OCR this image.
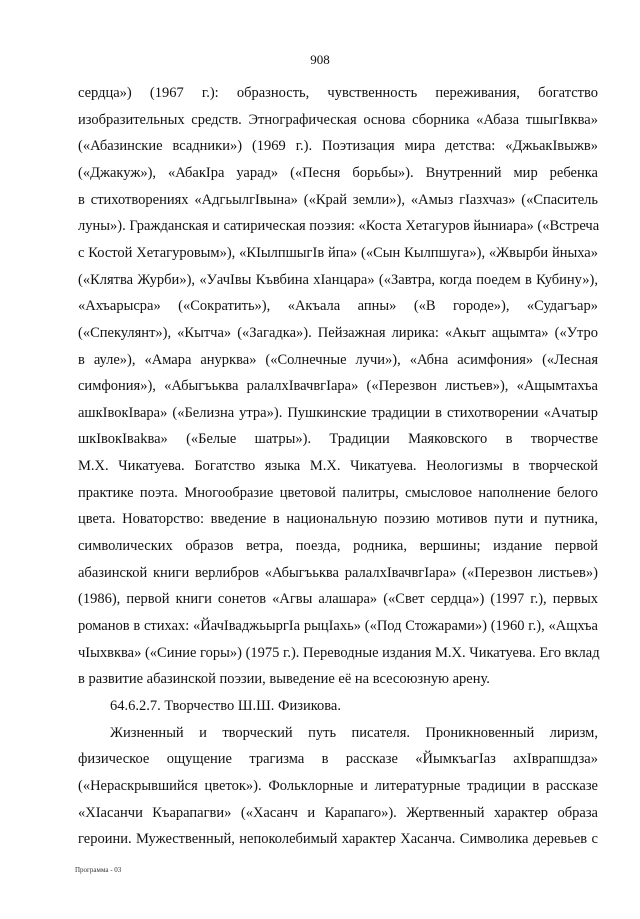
908
сердца») (1967 г.): образность, чувственность переживания, богатство
изобразительных средств. Этнографическая основа сборника «Абаза тшыгІвква»
(«Абазинские всадники») (1969 г.). Поэтизация мира детства: «ДжьакІвыжв»
(«Джакуж»), «АбакІра уарад» («Песня борьбы»). Внутренний мир ребенка
в стихотворениях «АдгьылгІвына» («Край земли»), «Амыз гІазхчаз» («Спаситель
луны»). Гражданская и сатирическая поэзия: «Коста Хетагуров йыниара» («Встреча
с Костой Хетагуровым»), «КІылпшыгІв йпа» («Сын Кылпшуга»), «Жвырби йныха»
(«Клятва Журби»), «УачІвы Къвбина хІанцара» («Завтра, когда поедем в Кубину»),
«Ахъарысра» («Сократить»), «Акъала апны» («В городе»), «Судагъар»
(«Спекулянт»), «Кытча» («Загадка»). Пейзажная лирика: «Акыт ащымта» («Утро
в ауле»), «Амара анурква» («Солнечные лучи»), «Абна асимфония» («Лесная
симфония»), «Абыгъьква ралалхІвачвгІара» («Перезвон листьев»), «Ащымтахъа
ашкІвокІвара» («Белизна утра»). Пушкинские традиции в стихотворении «Ачатыр
шкІвокІвakва» («Белые шатры»). Традиции Маяковского в творчестве
М.Х. Чикатуева. Богатство языка М.Х. Чикатуева. Неологизмы в творческой
практике поэта. Многообразие цветовой палитры, смысловое наполнение белого
цвета. Новаторство: введение в национальную поэзию мотивов пути и путника,
символических образов ветра, поезда, родника, вершины; издание первой
абазинской книги верлибров «Абыгъьква ралалхІвачвгІара» («Перезвон листьев»)
(1986), первой книги сонетов «Агвы алашара» («Свет сердца») (1997 г.), первых
романов в стихах: «ЙачІваджьыргІа рыцІахь» («Под Стожарами») (1960 г.), «Ащхъа
чІыхвква» («Синие горы») (1975 г.). Переводные издания М.Х. Чикатуева. Его вклад
в развитие абазинской поэзии, выведение её на всесоюзную арену.
64.6.2.7. Творчество Ш.Ш. Физикова.
Жизненный и творческий путь писателя. Проникновенный лиризм,
физическое ощущение трагизма в рассказе «ЙымкъагІаз ахІврапшдза»
(«Нераскрывшийся цветок»). Фольклорные и литературные традиции в рассказе
«ХІасанчи Къарапагви» («Хасанч и Карапаго»). Жертвенный характер образа
героини. Мужественный, непоколебимый характер Хасанча. Символика деревьев с
Программа - 03
